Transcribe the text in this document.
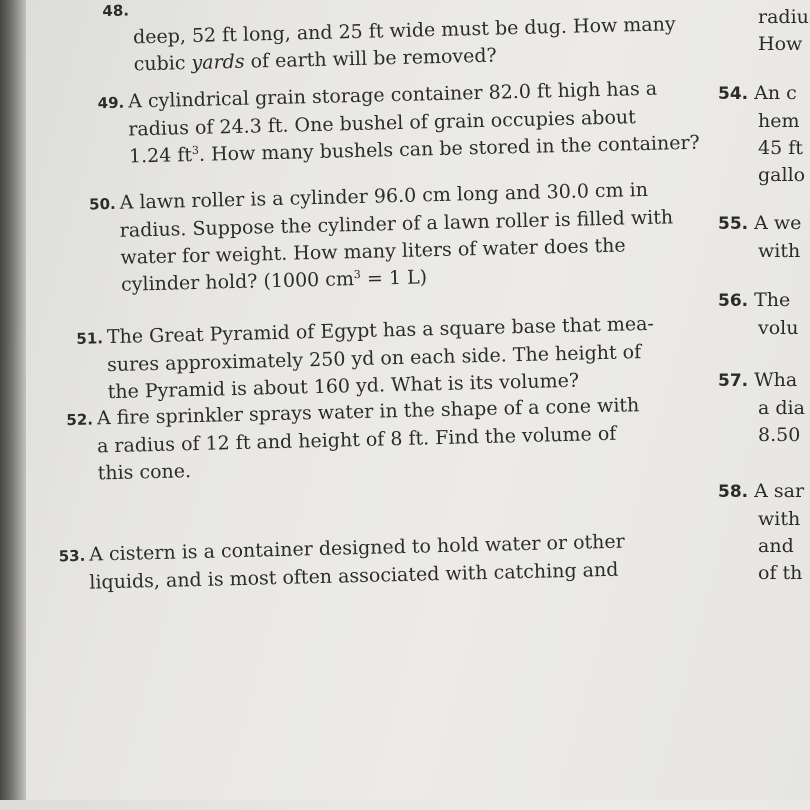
48.
deep, 52 ft long, and 25 ft wide must be dug. How many
cubic yards of earth will be removed?
49. A cylindrical grain storage container 82.0 ft high has a
radius of 24.3 ft. One bushel of grain occupies about
1.24 $ft^3$. How many bushels can be stored in the container?
50. A lawn roller is a cylinder 96.0 cm long and 30.0 cm in
radius. Suppose the cylinder of a lawn roller is filled with
water for weight. How many liters of water does the
cylinder hold? (1000 $cm^3 = 1$ L)
51. The Great Pyramid of Egypt has a square base that mea-
sures approximately 250 yd on each side. The height of
the Pyramid is about 160 yd. What is its volume?
52. A fire sprinkler sprays water in the shape of a cone with
a radius of 12 ft and height of 8 ft. Find the volume of
this cone.
53. A cistern is a container designed to hold water or other
liquids, and is most often associated with catching and
radiu
How
54. An c
hem
45 ft
gallo
55. A we
with
56. The
volu
57. Wha
a dia
8.50
58. A sar
with
and
of th
